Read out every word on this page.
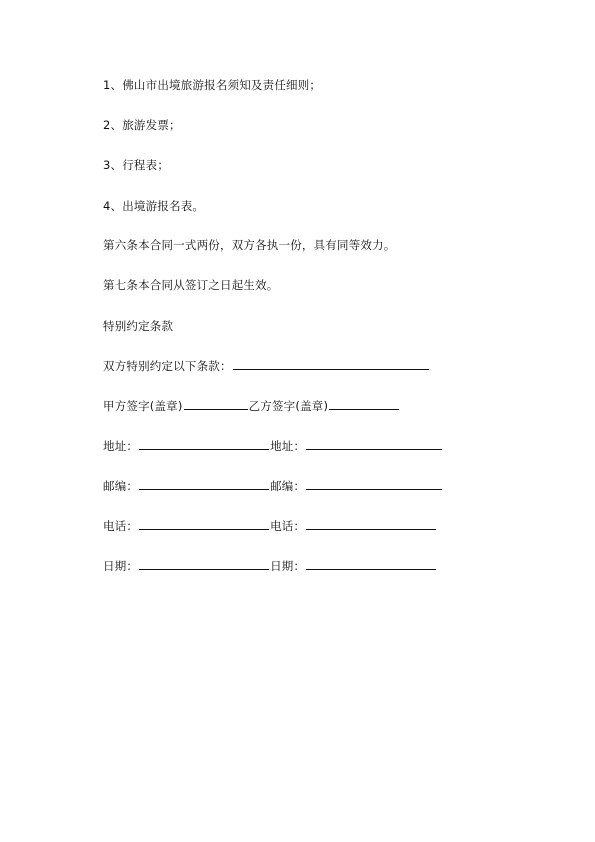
1、佛山市出境旅游报名须知及责任细则；
2、旅游发票；
3、行程表；
4、出境游报名表。
第六条本合同一式两份，双方各执一份，具有同等效力。
第七条本合同从签订之日起生效。
特别约定条款
双方特别约定以下条款：
甲方签字(盖章)	乙方签字(盖章)
地址：	地址：
邮编：	邮编：
电话：	电话：
日期：	日期：
